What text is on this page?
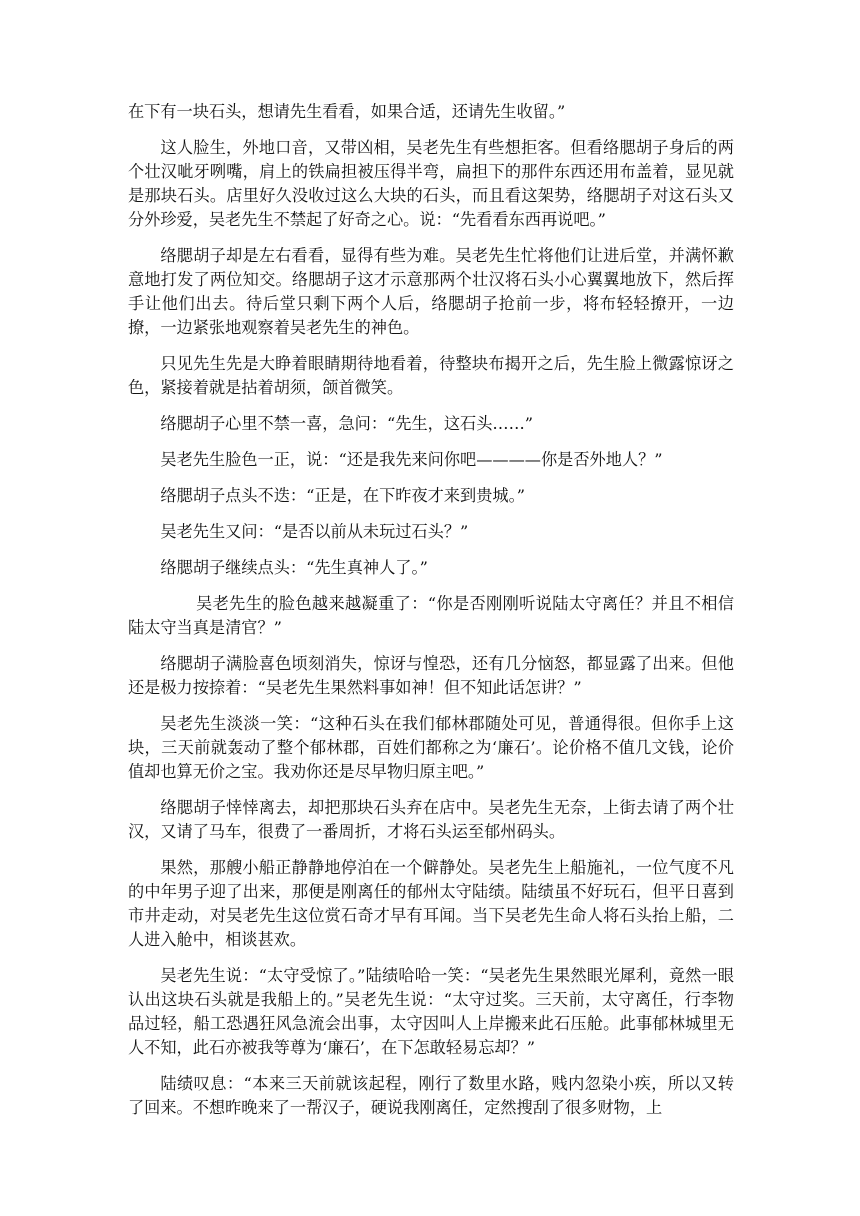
在下有一块石头，想请先生看看，如果合适，还请先生收留。”

这人脸生，外地口音，又带凶相，吴老先生有些想拒客。但看络腮胡子身后的两个壮汉呲牙咧嘴，肩上的铁扁担被压得半弯，扁担下的那件东西还用布盖着，显见就是那块石头。店里好久没收过这么大块的石头，而且看这架势，络腮胡子对这石头又分外珍爱，吴老先生不禁起了好奇之心。说：“先看看东西再说吧。”

络腮胡子却是左右看看，显得有些为难。吴老先生忙将他们让进后堂，并满怀歉意地打发了两位知交。络腮胡子这才示意那两个壮汉将石头小心翼翼地放下，然后挥手让他们出去。待后堂只剩下两个人后，络腮胡子抢前一步，将布轻轻撩开，一边撩，一边紧张地观察着吴老先生的神色。

只见先生先是大睁着眼睛期待地看着，待整块布揭开之后，先生脸上微露惊讶之色，紧接着就是拈着胡须，颌首微笑。

络腮胡子心里不禁一喜，急问：“先生，这石头……”

吴老先生脸色一正，说：“还是我先来问你吧————你是否外地人？”

络腮胡子点头不迭：“正是，在下昨夜才来到贵城。”

吴老先生又问：“是否以前从未玩过石头？”

络腮胡子继续点头：“先生真神人了。”

吴老先生的脸色越来越凝重了：“你是否刚刚听说陆太守离任？并且不相信陆太守当真是清官？”

络腮胡子满脸喜色顷刻消失，惊讶与惶恐，还有几分恼怒，都显露了出来。但他还是极力按捺着：“吴老先生果然料事如神！但不知此话怎讲？”

吴老先生淡淡一笑：“这种石头在我们郁林郡随处可见，普通得很。但你手上这块，三天前就轰动了整个郁林郡，百姓们都称之为‘廉石’。论价格不值几文钱，论价值却也算无价之宝。我劝你还是尽早物归原主吧。”

络腮胡子悻悻离去，却把那块石头弃在店中。吴老先生无奈，上街去请了两个壮汉，又请了马车，很费了一番周折，才将石头运至郁州码头。

果然，那艘小船正静静地停泊在一个僻静处。吴老先生上船施礼，一位气度不凡的中年男子迎了出来，那便是刚离任的郁州太守陆绩。陆绩虽不好玩石，但平日喜到市井走动，对吴老先生这位赏石奇才早有耳闻。当下吴老先生命人将石头抬上船，二人进入舱中，相谈甚欢。

吴老先生说：“太守受惊了。”陆绩哈哈一笑：“吴老先生果然眼光犀利，竟然一眼认出这块石头就是我船上的。”吴老先生说：“太守过奖。三天前，太守离任，行李物品过轻，船工恐遇狂风急流会出事，太守因叫人上岸搬来此石压舱。此事郁林城里无人不知，此石亦被我等尊为‘廉石’，在下怎敢轻易忘却？”

陆绩叹息：“本来三天前就该起程，刚行了数里水路，贱内忽染小疾，所以又转了回来。不想昨晚来了一帮汉子，硬说我刚离任，定然搜刮了很多财物，上
